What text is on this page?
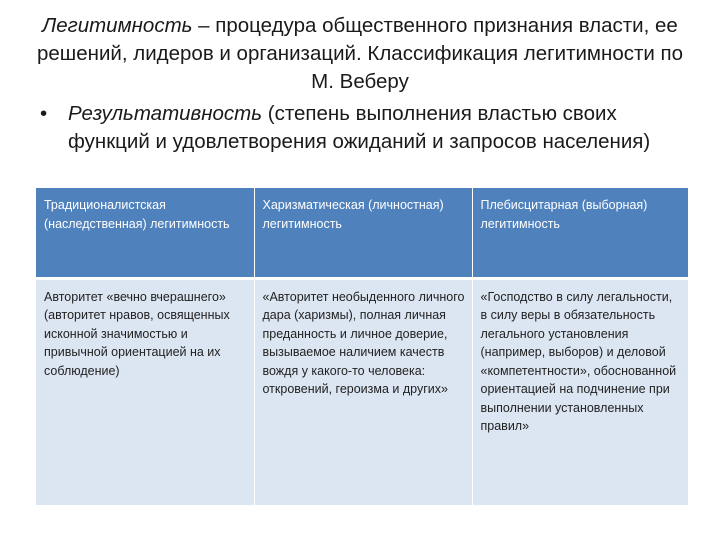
Легитимность – процедура общественного признания власти, ее решений, лидеров и организаций. Классификация легитимности по М. Веберу
•	Результативность (степень выполнения властью своих функций и удовлетворения ожиданий и запросов населения)
Традиционалистская (наследственная) легитимность	Харизматическая (личностная) легитимность	Плебисцитарная (выборная) легитимность
Авторитет «вечно вчерашнего» (авторитет нравов, освященных исконной значимостью и привычной ориентацией на их соблюдение)	«Авторитет необыденного личного дара (харизмы), полная личная преданность и личное доверие, вызываемое наличием качеств вождя у какого-то человека: откровений, героизма и других»	«Господство в силу легальности, в силу веры в обязательность легального установления (например, выборов) и деловой «компетентности», обоснованной ориентацией на подчинение при выполнении установленных правил»
